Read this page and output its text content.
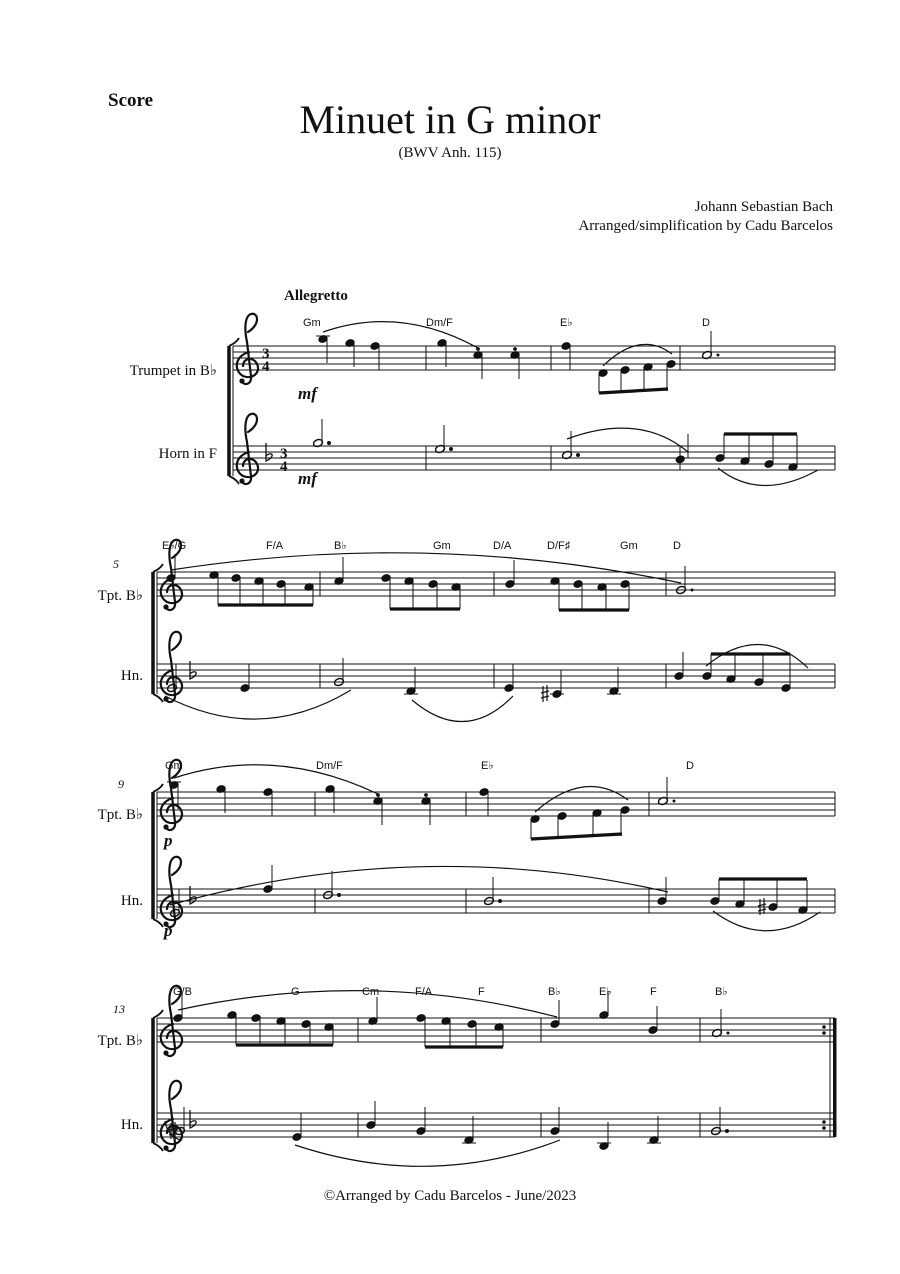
Score	Minuet in G minor
(BWV Anh. 115)
Johann Sebastian Bach
Arranged/simplification by Cadu Barcelos
Allegretto
©Arranged by Cadu Barcelos - June/2023
Trumpet in B♭
Horn in F
3
4
3
4
mf
mf
Gm	Dm/F	E♭	D
5
Tpt. B♭
Hn.
E♭/G	F/A	B♭	Gm	D/A	D/F♯	Gm	D
9
Tpt. B♭
Hn.
p
p
Gm	Dm/F	E♭	D
13
Tpt. B♭
Hn.
G/B	G	Cm	F/A	F	B♭	E♭	F	B♭
